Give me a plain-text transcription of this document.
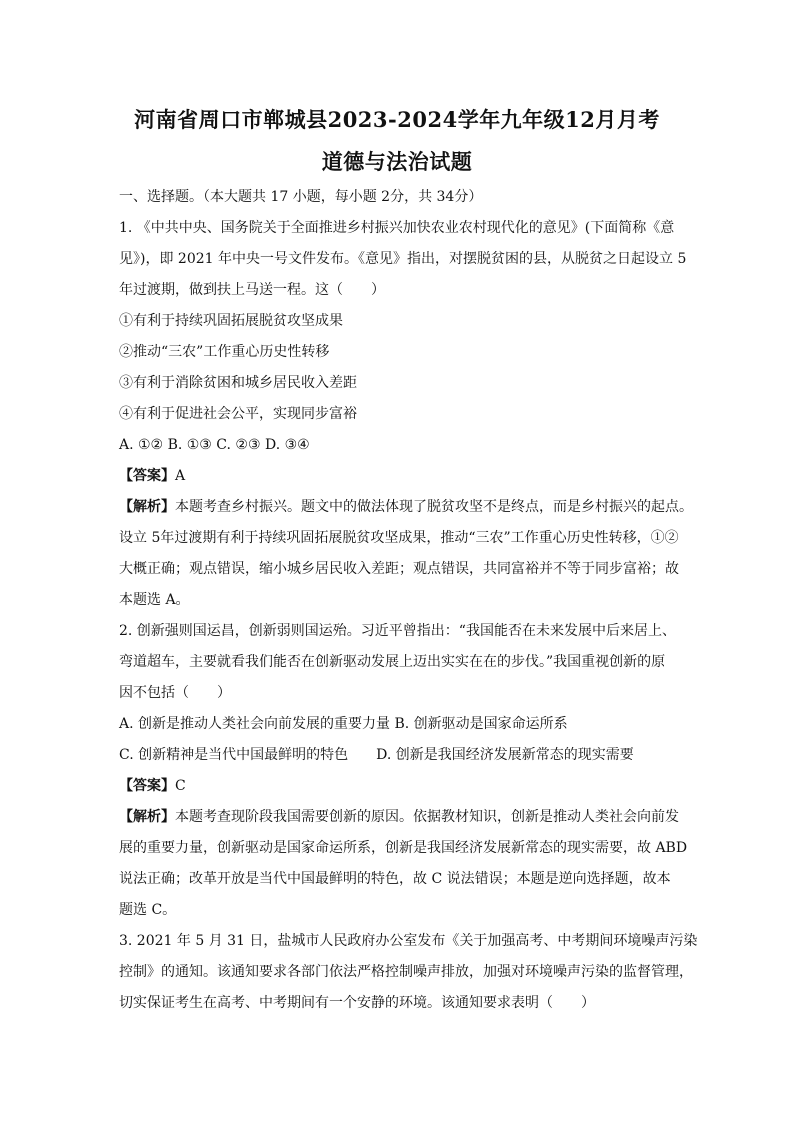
河南省周口市郸城县2023-2024学年九年级12月月考
道德与法治试题
一、选择题。（本大题共 17 小题，每小题 2分，共 34分）
1. 《中共中央、国务院关于全面推进乡村振兴加快农业农村现代化的意见》(下面简称《意
见》)，即 2021 年中央一号文件发布。《意见》指出，对摆脱贫困的县，从脱贫之日起设立 5
年过渡期，做到扶上马送一程。这（　　）
①有利于持续巩固拓展脱贫攻坚成果
②推动“三农”工作重心历史性转移
③有利于消除贫困和城乡居民收入差距
④有利于促进社会公平，实现同步富裕
A. ①② B. ①③ C. ②③ D. ③④
【答案】A
【解析】本题考查乡村振兴。题文中的做法体现了脱贫攻坚不是终点，而是乡村振兴的起点。
设立 5年过渡期有利于持续巩固拓展脱贫攻坚成果，推动“三农”工作重心历史性转移，①②
大概正确；观点错误，缩小城乡居民收入差距；观点错误，共同富裕并不等于同步富裕；故
本题选 A。
2. 创新强则国运昌，创新弱则国运殆。习近平曾指出：“我国能否在未来发展中后来居上、
弯道超车，主要就看我们能否在创新驱动发展上迈出实实在在的步伐。”我国重视创新的原
因不包括（　　）
A. 创新是推动人类社会向前发展的重要力量 B. 创新驱动是国家命运所系
C. 创新精神是当代中国最鲜明的特色　　D. 创新是我国经济发展新常态的现实需要
【答案】C
【解析】本题考查现阶段我国需要创新的原因。依据教材知识，创新是推动人类社会向前发
展的重要力量，创新驱动是国家命运所系，创新是我国经济发展新常态的现实需要，故 ABD
说法正确；改革开放是当代中国最鲜明的特色，故 C 说法错误；本题是逆向选择题，故本
题选 C。
3. 2021 年 5 月 31 日，盐城市人民政府办公室发布《关于加强高考、中考期间环境噪声污染
控制》的通知。该通知要求各部门依法严格控制噪声排放，加强对环境噪声污染的监督管理，
切实保证考生在高考、中考期间有一个安静的环境。该通知要求表明（　　）
